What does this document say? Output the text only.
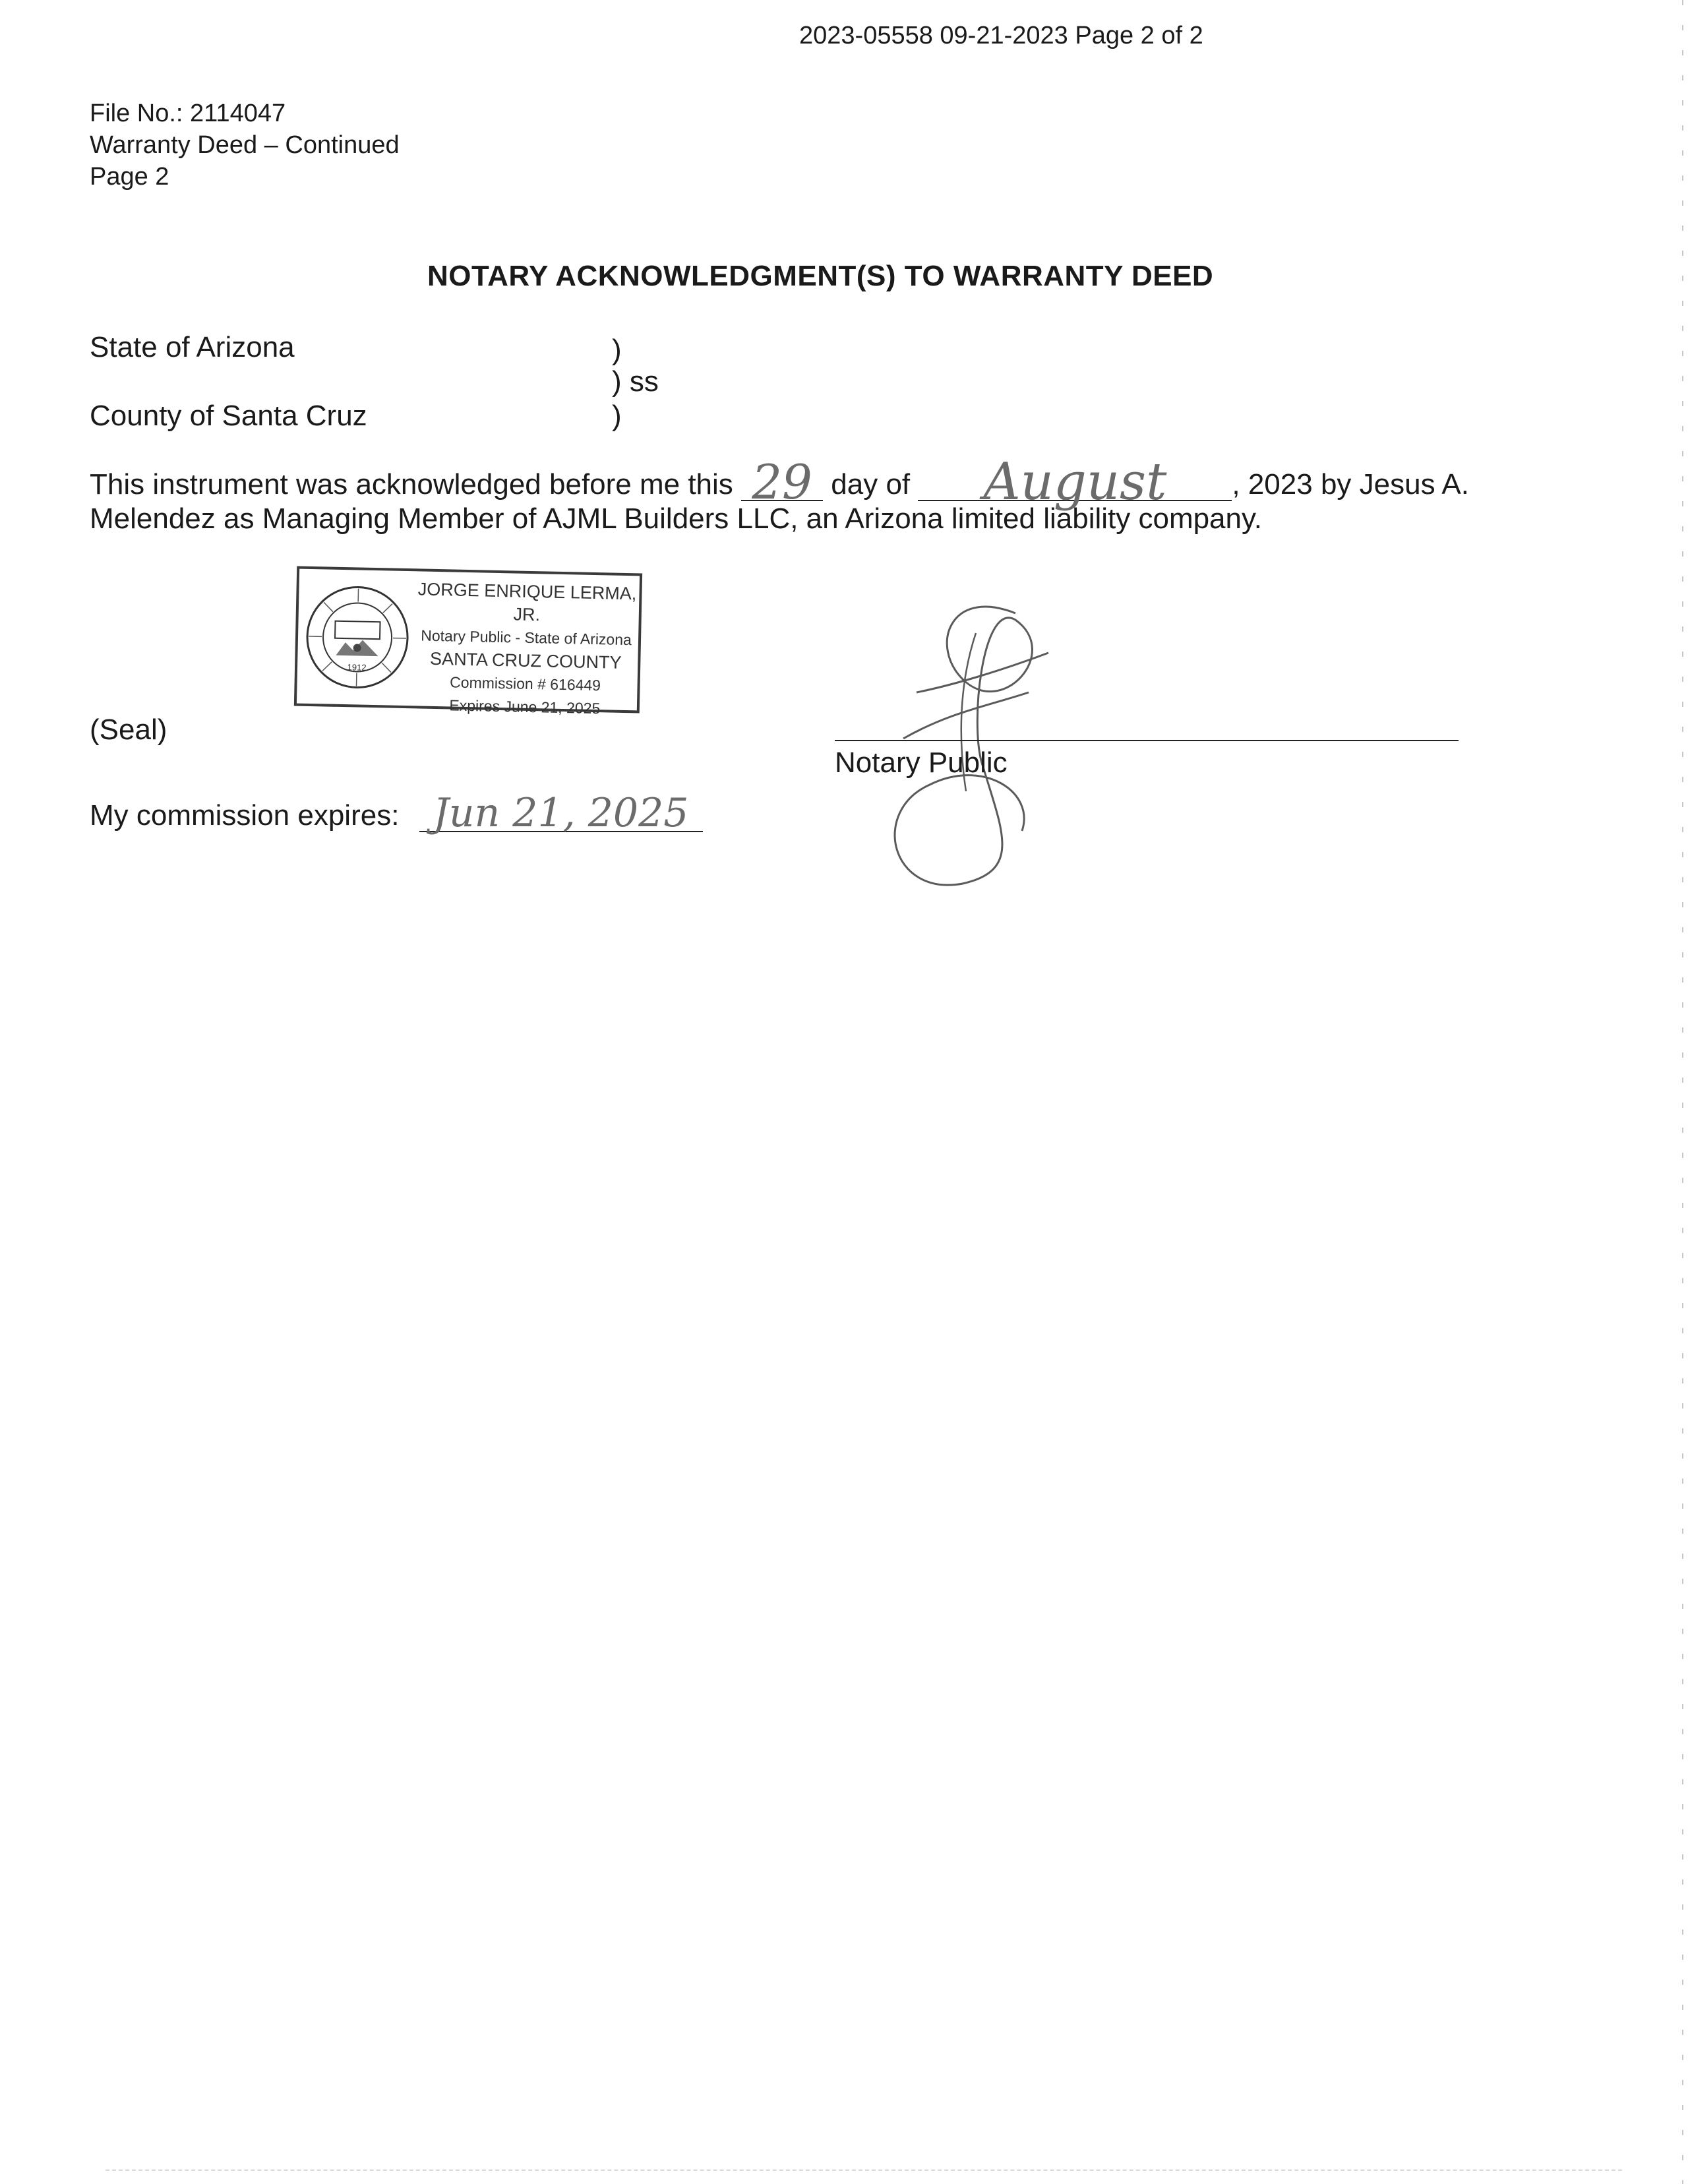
2023-05558 09-21-2023 Page 2 of 2
File No.: 2114047
Warranty Deed – Continued
Page 2
NOTARY ACKNOWLEDGMENT(S) TO WARRANTY DEED
State of Arizona	)
) ss
County of Santa Cruz	)
This instrument was acknowledged before me this 29 day of	August	, 2023 by Jesus A.
Melendez as Managing Member of AJML Builders LLC, an Arizona limited liability company.
1912
JORGE ENRIQUE LERMA, JR.
Notary Public - State of Arizona
SANTA CRUZ COUNTY
Commission # 616449
Expires June 21, 2025
(Seal)
Notary Public
My commission expires: Jun 21, 2025
